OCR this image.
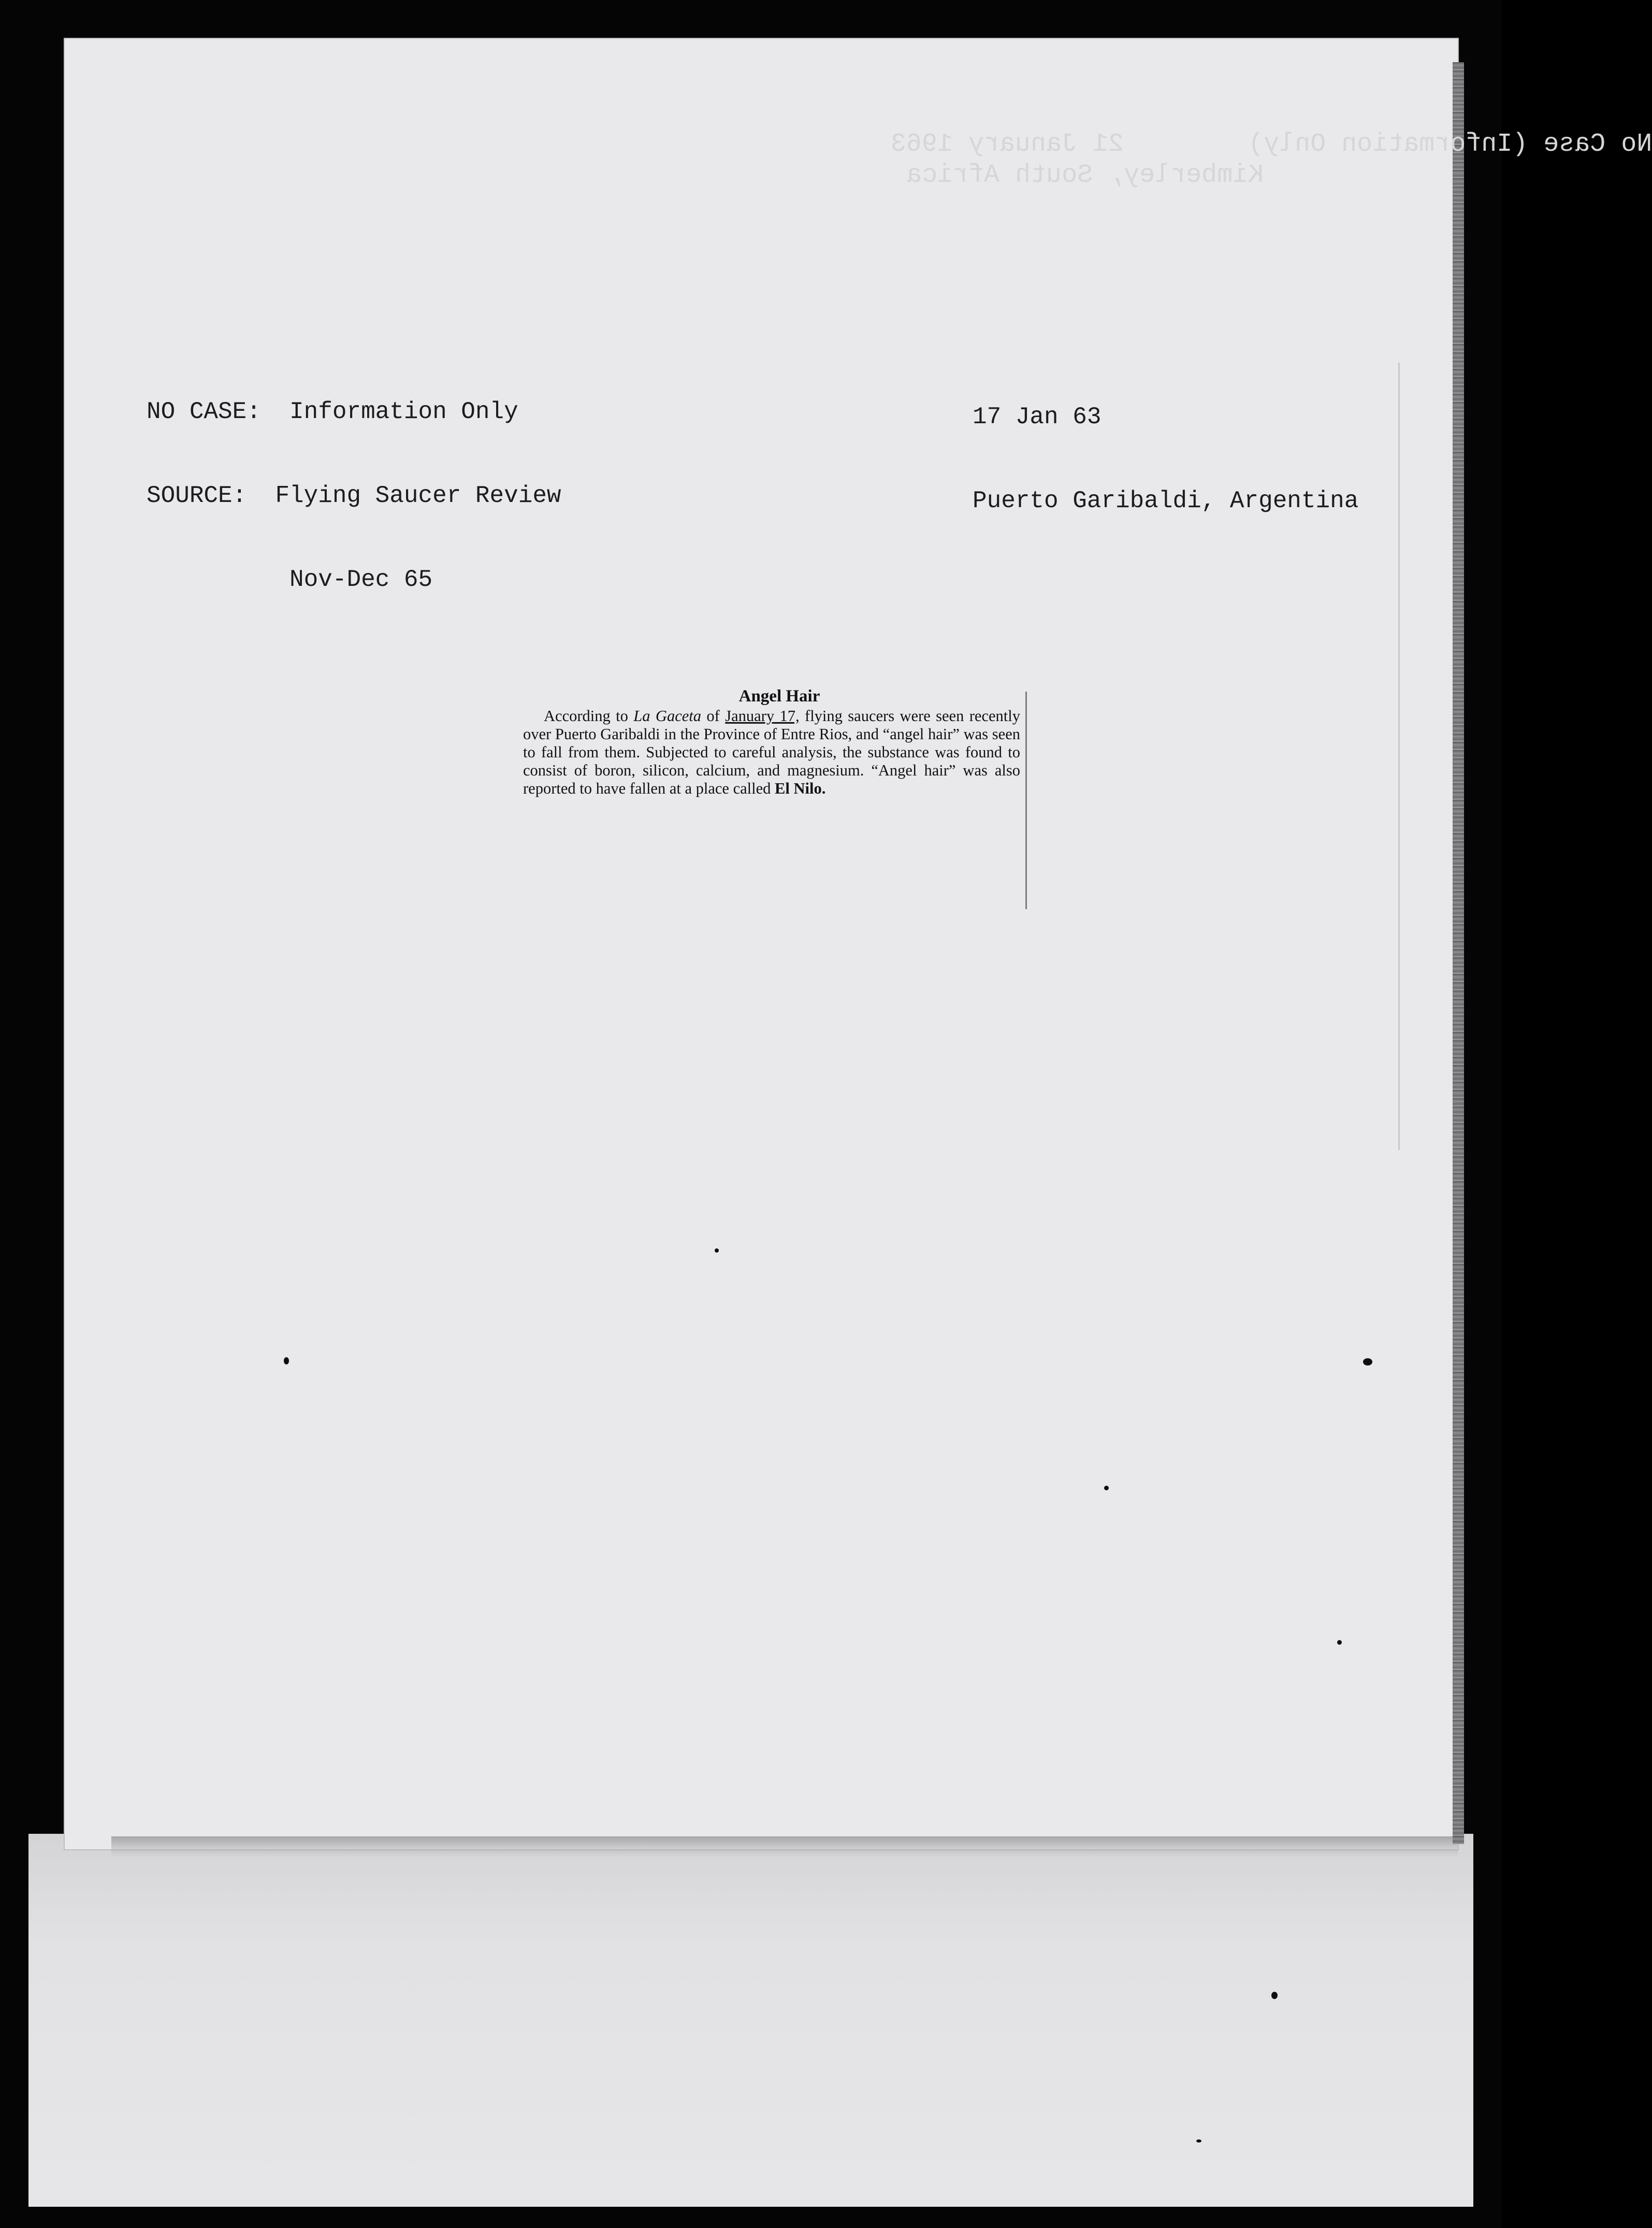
No Case (Information Only)        21 January 1963
Kimberley, South Africa

NO CASE:  Information Only

SOURCE:  Flying Saucer Review

Nov-Dec 65

17 Jan 63

Puerto Garibaldi, Argentina

Angel Hair
According to La Gaceta of January 17, flying saucers were seen recently over Puerto Garibaldi in the Province of Entre Rios, and “angel hair” was seen to fall from them. Subjected to careful analysis, the substance was found to consist of boron, silicon, calcium, and magnesium. “Angel hair” was also reported to have fallen at a place called El Nilo.
